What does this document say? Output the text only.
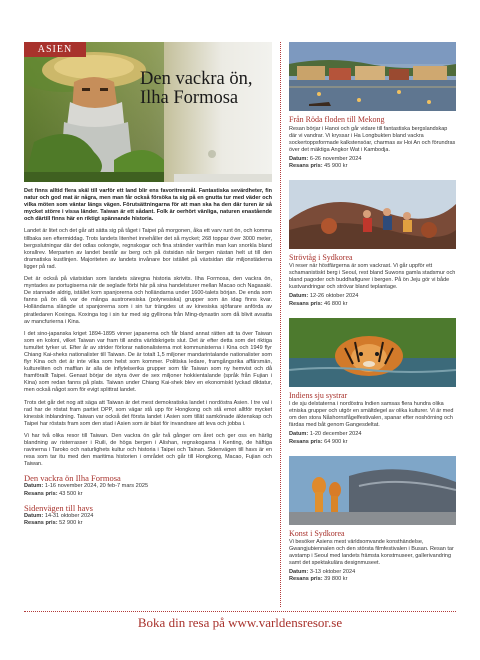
ASIEN
Den vackra ön,
Ilha Formosa

Det finns alltid flera skäl till varför ett land blir ens favoritresmål. Fantastiska sevärdheter, fin natur och god mat är några, men man får också försöka ta sig på en gnutta tur med väder och vilka möten som väntar längs vägen. Förutsättningarna för att man ska ha den där turen är så mycket större i vissa länder. Taiwan är ett sådant. Folk är oerhört vänliga, naturen enastående och därtill finns här en riktigt spännande historia.

Landet är litet och det går att sätta sig på tåget i Taipei på morgonen, åka ett varv runt ön, och komma tillbaka sen eftermiddag. Trots landets litenhet innehåller det så mycket; 268 toppar över 3000 meter, bergsslutningar där det odlas oolongte, regnskogar och fina stränder varifrån man kan snorkla bland korallrev. Merparten av landet består av berg och på östsidan når bergen nästan helt ut till den dramatiska kustlinjen. Majoriteten av landets invånare bor istället på västsidan där miljonstäderna ligger på rad.

Det är också på västsidan som landets säregna historia skrivits. Ilha Formosa, den vackra ön, myntades av portugiserna när de seglade förbi här på sina handelsturer mellan Macao och Nagasaki. De stannade aldrig, istället kom spanjorerna och holländarna under 1600-talets början. De enda som fanns på ön då var de många austronesiska (polynesiska) grupper som än idag finns kvar. Holländarna slängde ut spanjorerna som i sin tur trängdes ut av kinesiska sjöfarare anförda av piratledaren Koxinga. Koxinga tog i sin tur med sig gyllirona från Ming-dynastin som då blivit avsatta av mancfurierna i Kina.

I det sino-japanska kriget 1894-1895 vinner japanerna och får bland annat rätten att ta över Taiwan som en koloni, vilket Taiwan var fram till andra världskrigets slut. Det är efter detta som det riktiga tumultet tyrker ut. Efter år av strider förlorar nationalisterna mot kommunisterna i Kina och 1949 flyr Chiang Kai-sheks nationalister till Taiwan. De är totalt 1,5 miljoner mandarintalande nationalister som flyr Kina och det är inte vilka som helst som kommer. Politiska ledare, framgångsrika affärsmän, kultureliten och maffian är alla de inflytelserika grupper som får Taiwan som ny hemvist och då framförallt Taipei. Genast börjar de styra över de sex miljoner hokkientalande (språk från Fujian i Kina) som redan fanns på plats. Taiwan under Chiang Kai-shek blev en ekonomiskt lyckad diktatur, men också något som för evigt splittrat landet.

Trots det går det nog att säga att Taiwan är det mest demokratiska landet i nordöstra Asien. I tre val i rad har de röstat fram partiet DPP, som vägar stå upp för Hongkong och stå emot alltför mycket kinesisk inblandning. Taiwan var också det första landet i Asien som tillät samkönade äktenskap och Taipei har röstats fram som den stad i Asien som är bäst för invandrare att leva och jobba i.

Vi har två olika resor till Taiwan. Den vackra ön går två gånger om året och ger oss en härlig blandning av risterrasser i Ruili, de höga bergen i Alishan, regnskogarna i Kenting, de häftiga ravinerna i Taroko och naturlighets kultur och historia i Taipei och Tainan. Sidenvägen till havs är en resa som tar itu med den maritima historien i området och går till Hongkong, Macao, Fujian och Taiwan.

Den vackra ön Ilha Formosa
Datum: 1-16 november 2024, 20 feb-7 mars 2025
Resans pris: 43 500 kr
Sidenvägen till havs
Datum: 14-31 oktober 2024
Resans pris: 52 900 kr
Från Röda floden till Mekong

Resan börjar i Hanoi och går vidare till fantastiska bergslandskap där vi vandrar. Vi kryssar i Ha Longbukten bland vackra sockertoppsformade kalkstensöar, charmas av Hoi An och förundras över det mäktiga Angkor Wat i Kambodja.

Datum: 6-26 november 2024
Resans pris: 45 900 kr
Strövtåg i Sydkorea

Vi reser när höstfärgerna är som vackrast. Vi går uppför ett schamanistiskt berg i Seoul, rest bland Suwons gamla stadsmur och bland pagoder och buddhafigurer i bergen. På ön Jeju gör vi både kustvandringar och strövar bland teplantage.

Datum: 12-26 oktober 2024
Resans pris: 46 800 kr
Indiens sju systrar

I de sju delstaterna i nordöstra Indien samsas flera hundra olika etniska grupper och utgör en smältdegel av olika kulturer. Vi är med om den stora Nåshornsfågelfestivalen, spanar efter noshörning och färdas med båt genom Gangesdeltat.

Datum: 1-20 december 2024
Resans pris: 64 900 kr
Konst i Sydkorea

Vi besöker Asiens mest världsomvande konsthändelse, Gwangjubiennalen och den största filmfestivalen i Busan. Resan tar avstamp i Seoul med landets främsta konstmuseer, gallerivandring samt det spektakulära designmuseet.

Datum: 3-13 oktober 2024
Resans pris: 39 800 kr
Boka din resa på www.varldensresor.se
